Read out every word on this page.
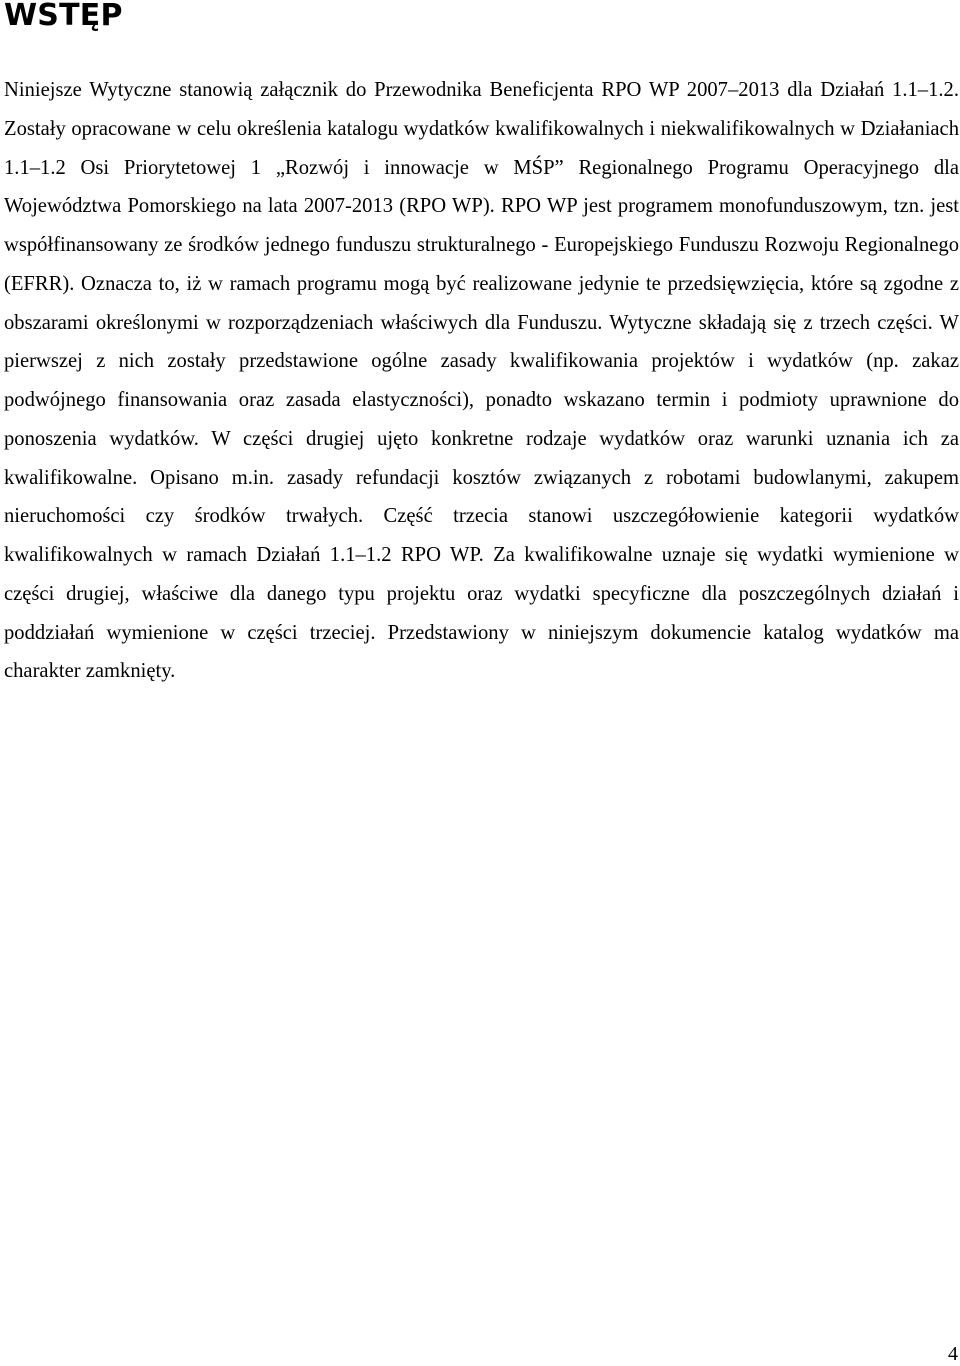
WSTĘP

Niniejsze Wytyczne stanowią załącznik do Przewodnika Beneficjenta RPO WP 2007–2013 dla Działań 1.1–1.2. Zostały opracowane w celu określenia katalogu wydatków kwalifikowalnych i niekwalifikowalnych w Działaniach 1.1–1.2 Osi Priorytetowej 1 „Rozwój i innowacje w MŚP” Regionalnego Programu Operacyjnego dla Województwa Pomorskiego na lata 2007-2013 (RPO WP). RPO WP jest programem monofunduszowym, tzn. jest współfinansowany ze środków jednego funduszu strukturalnego - Europejskiego Funduszu Rozwoju Regionalnego (EFRR). Oznacza to, iż w ramach programu mogą być realizowane jedynie te przedsięwzięcia, które są zgodne z obszarami określonymi w rozporządzeniach właściwych dla Funduszu. Wytyczne składają się z trzech części. W pierwszej z nich zostały przedstawione ogólne zasady kwalifikowania projektów i wydatków (np. zakaz podwójnego finansowania oraz zasada elastyczności), ponadto wskazano termin i podmioty uprawnione do ponoszenia wydatków. W części drugiej ujęto konkretne rodzaje wydatków oraz warunki uznania ich za kwalifikowalne. Opisano m.in. zasady refundacji kosztów związanych z robotami budowlanymi, zakupem nieruchomości czy środków trwałych. Część trzecia stanowi uszczegółowienie kategorii wydatków kwalifikowalnych w ramach Działań 1.1–1.2 RPO WP. Za kwalifikowalne uznaje się wydatki wymienione w części drugiej, właściwe dla danego typu projektu oraz wydatki specyficzne dla poszczególnych działań i poddziałań wymienione w części trzeciej. Przedstawiony w niniejszym dokumencie katalog wydatków ma charakter zamknięty.

4
